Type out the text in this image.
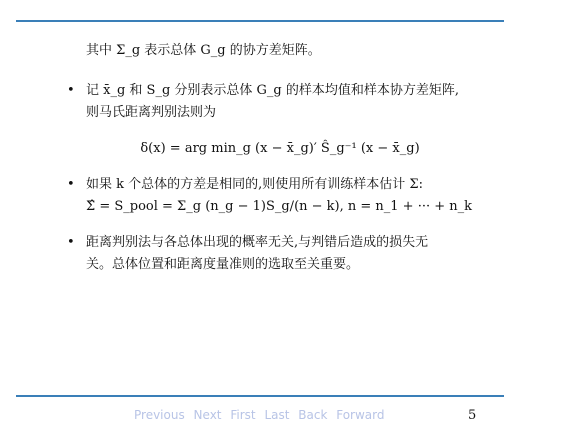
其中 Σ_g 表示总体 G_g 的协方差矩阵。
• 记 x̄_g 和 S_g 分别表示总体 G_g 的样本均值和样本协方差矩阵,
则马氏距离判别法则为
δ(x) = arg min_g (x − x̄_g)′ Ŝ_g⁻¹ (x − x̄_g)
• 如果 k 个总体的方差是相同的,则使用所有训练样本估计 Σ:
Σ̂ = S_pool = Σ_g (n_g − 1)S_g/(n − k), n = n_1 + ··· + n_k
• 距离判别法与各总体出现的概率无关,与判错后造成的损失无
关。总体位置和距离度量准则的选取至关重要。
Previous Next First Last Back Forward	5
